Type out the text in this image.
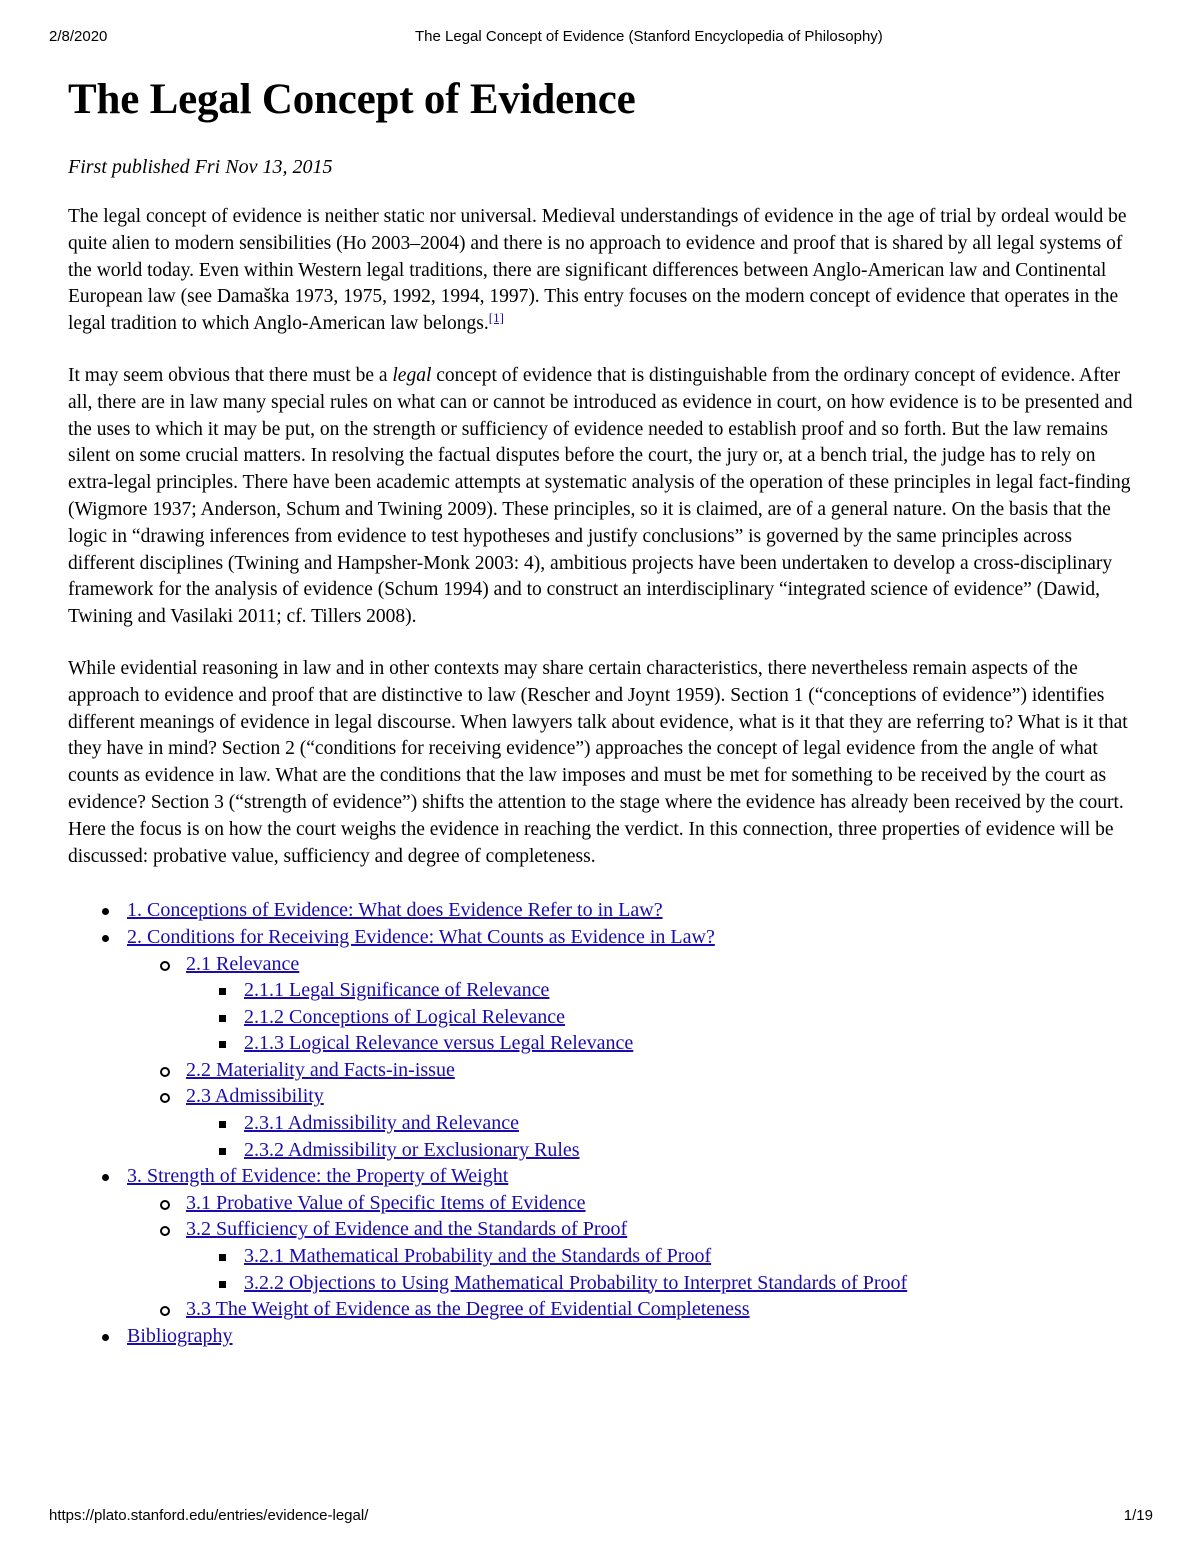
2/8/2020	The Legal Concept of Evidence (Stanford Encyclopedia of Philosophy)
The Legal Concept of Evidence
First published Fri Nov 13, 2015

The legal concept of evidence is neither static nor universal. Medieval understandings of evidence in the age of trial by ordeal would be quite alien to modern sensibilities (Ho 2003–2004) and there is no approach to evidence and proof that is shared by all legal systems of the world today. Even within Western legal traditions, there are significant differences between Anglo-American law and Continental European law (see Damaška 1973, 1975, 1992, 1994, 1997). This entry focuses on the modern concept of evidence that operates in the legal tradition to which Anglo-American law belongs.[1]

It may seem obvious that there must be a legal concept of evidence that is distinguishable from the ordinary concept of evidence. After all, there are in law many special rules on what can or cannot be introduced as evidence in court, on how evidence is to be presented and the uses to which it may be put, on the strength or sufficiency of evidence needed to establish proof and so forth. But the law remains silent on some crucial matters. In resolving the factual disputes before the court, the jury or, at a bench trial, the judge has to rely on extra-legal principles. There have been academic attempts at systematic analysis of the operation of these principles in legal fact-finding (Wigmore 1937; Anderson, Schum and Twining 2009). These principles, so it is claimed, are of a general nature. On the basis that the logic in “drawing inferences from evidence to test hypotheses and justify conclusions” is governed by the same principles across different disciplines (Twining and Hampsher-Monk 2003: 4), ambitious projects have been undertaken to develop a cross-disciplinary framework for the analysis of evidence (Schum 1994) and to construct an interdisciplinary “integrated science of evidence” (Dawid, Twining and Vasilaki 2011; cf. Tillers 2008).

While evidential reasoning in law and in other contexts may share certain characteristics, there nevertheless remain aspects of the approach to evidence and proof that are distinctive to law (Rescher and Joynt 1959). Section 1 (“conceptions of evidence”) identifies different meanings of evidence in legal discourse. When lawyers talk about evidence, what is it that they are referring to? What is it that they have in mind? Section 2 (“conditions for receiving evidence”) approaches the concept of legal evidence from the angle of what counts as evidence in law. What are the conditions that the law imposes and must be met for something to be received by the court as evidence? Section 3 (“strength of evidence”) shifts the attention to the stage where the evidence has already been received by the court. Here the focus is on how the court weighs the evidence in reaching the verdict. In this connection, three properties of evidence will be discussed: probative value, sufficiency and degree of completeness.

1. Conceptions of Evidence: What does Evidence Refer to in Law?
2. Conditions for Receiving Evidence: What Counts as Evidence in Law?
2.1 Relevance
2.1.1 Legal Significance of Relevance
2.1.2 Conceptions of Logical Relevance
2.1.3 Logical Relevance versus Legal Relevance
2.2 Materiality and Facts-in-issue
2.3 Admissibility
2.3.1 Admissibility and Relevance
2.3.2 Admissibility or Exclusionary Rules
3. Strength of Evidence: the Property of Weight
3.1 Probative Value of Specific Items of Evidence
3.2 Sufficiency of Evidence and the Standards of Proof
3.2.1 Mathematical Probability and the Standards of Proof
3.2.2 Objections to Using Mathematical Probability to Interpret Standards of Proof
3.3 The Weight of Evidence as the Degree of Evidential Completeness
Bibliography
https://plato.stanford.edu/entries/evidence-legal/	1/19
